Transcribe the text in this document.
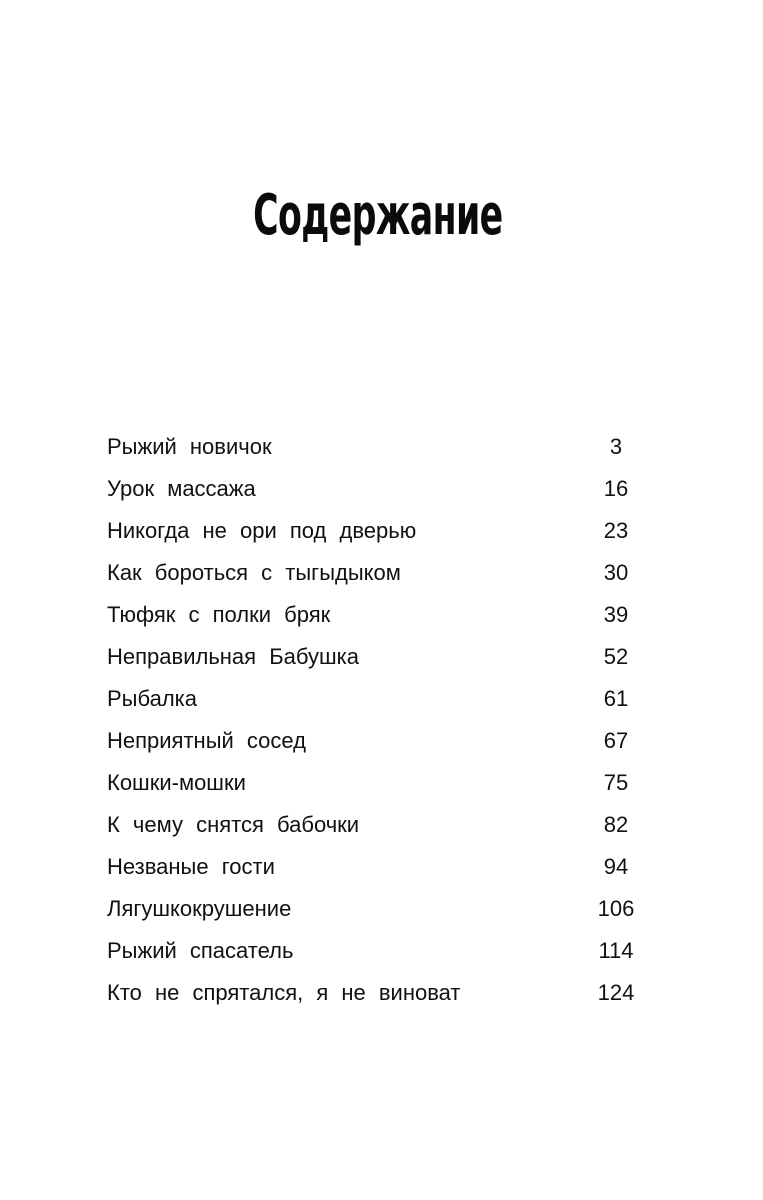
Содержание
Рыжий новичок	3
Урок массажа	16
Никогда не ори под дверью	23
Как бороться с тыгыдыком	30
Тюфяк с полки бряк	39
Неправильная Бабушка	52
Рыбалка	61
Неприятный сосед	67
Кошки-мошки	75
К чему снятся бабочки	82
Незваные гости	94
Лягушкокрушение	106
Рыжий спасатель	114
Кто не спрятался, я не виноват	124
